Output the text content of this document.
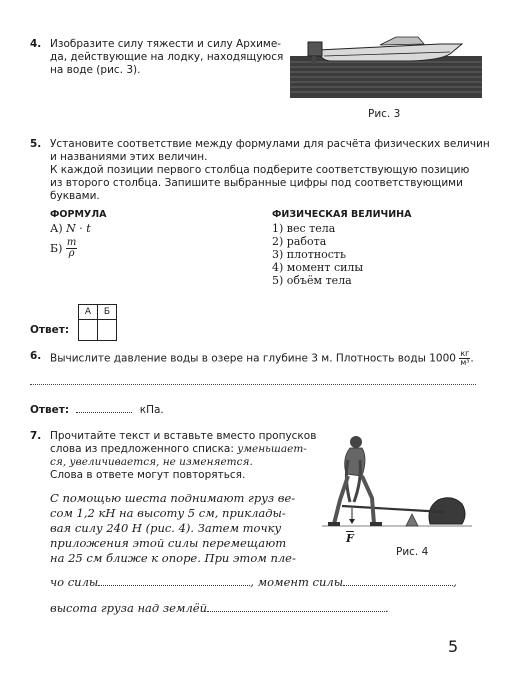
4. Изобразите силу тяжести и силу Архиме-
да, действующие на лодку, находящуюся
на воде (рис. 3).
Рис. 3
5. Установите соответствие между формулами для расчёта физических величин
и названиями этих величин.
К каждой позиции первого столбца подберите соответствующую позицию
из второго столбца. Запишите выбранные цифры под соответствующими
буквами.
ФОРМУЛА	ФИЗИЧЕСКАЯ ВЕЛИЧИНА
А) N · t
$Б) \frac{m}{\rho}$
1) вес тела
2) работа
3) плотность
4) момент силы
5) объём тела
Ответ:
А	Б

6. Вычислите давление воды в озере на глубине 3 м. Плотность воды $1000 \frac{кг}{\text{м³}}$ .
Ответ:	кПа.
7. Прочитайте текст и вставьте вместо пропусков
слова из предложенного списка: уменьшает-
ся, увеличивается, не изменяется.
Слова в ответе могут повторяться.
С помощью шеста поднимают груз ве-
сом 1,2 кН на высоту 5 см, приклады-
вая силу 240 Н (рис. 4). Затем точку
приложения этой силы перемещают
на 25 см ближе к опоре. При этом пле-
$\overline{F}$
Рис. 4
чо силы	, момент силы	,
высота груза над землёй	.
5
